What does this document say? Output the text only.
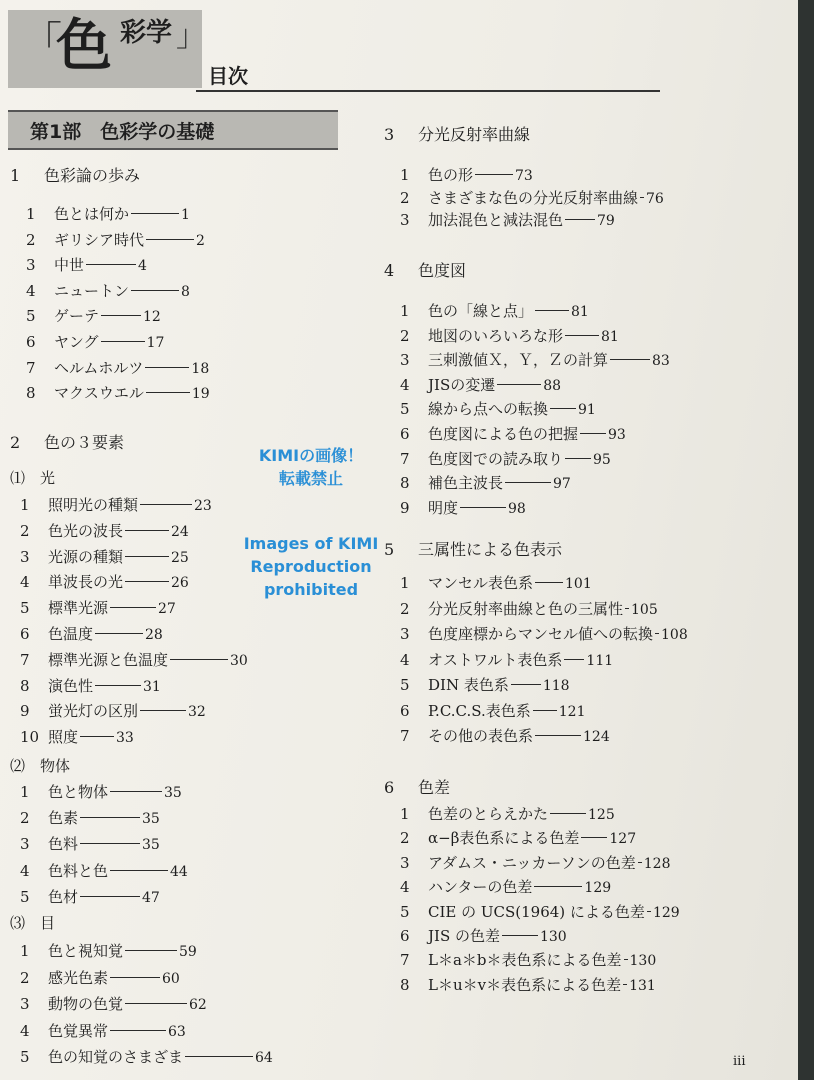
「
色 彩学 」
目次
第1部　色彩学の基礎
1 色彩論の歩み
1	色とは何か	1
2	ギリシア時代	2
3	中世	4
4	ニュートン	8
5	ゲーテ	12
6	ヤング	17
7	ヘルムホルツ	18
8	マクスウエル	19
2 色の３要素
⑴　光
1	照明光の種類	23
2	色光の波長	24
3	光源の種類	25
4	単波長の光	26
5	標準光源	27
6	色温度	28
7	標準光源と色温度	30
8	演色性	31
9	蛍光灯の区別	32
10 照度	33
⑵　物体
1	色と物体	35
2	色素	35
3	色料	35
4	色料と色	44
5	色材	47
⑶　目
1	色と視知覚	59
2	感光色素	60
3	動物の色覚	62
4	色覚異常	63
5	色の知覚のさまざま	64
3 分光反射率曲線
1	色の形	73
2	さまざまな色の分光反射率曲線 76
3	加法混色と減法混色 79
4 色度図
1	色の「線と点」	81
2	地図のいろいろな形	81
3	三刺激値Ｘ，Ｙ，Ｚの計算	83
4	JISの変遷	88
5	線から点への転換 91
6	色度図による色の把握 93
7	色度図での読み取り 95
8	補色主波長	97
9	明度	98
5 三属性による色表示
1	マンセル表色系 101
2	分光反射率曲線と色の三属性 105
3	色度座標からマンセル値への転換 108
4	オストワルト表色系 111
5	DIN 表色系 118
6	P.C.C.S.表色系 121
7	その他の表色系	124
6 色差
1	色差のとらえかた	125
2	α−β表色系による色差 127
3	アダムス・ニッカーソンの色差 128
4	ハンターの色差	129
5	CIE の UCS(1964) による色差 129
6	JIS の色差	130
7	L＊a＊b＊表色系による色差 130
8	L＊u＊v＊表色系による色差 131
KIMIの画像！
転載禁止
Images of KIMI
Reproduction
prohibited
iii
